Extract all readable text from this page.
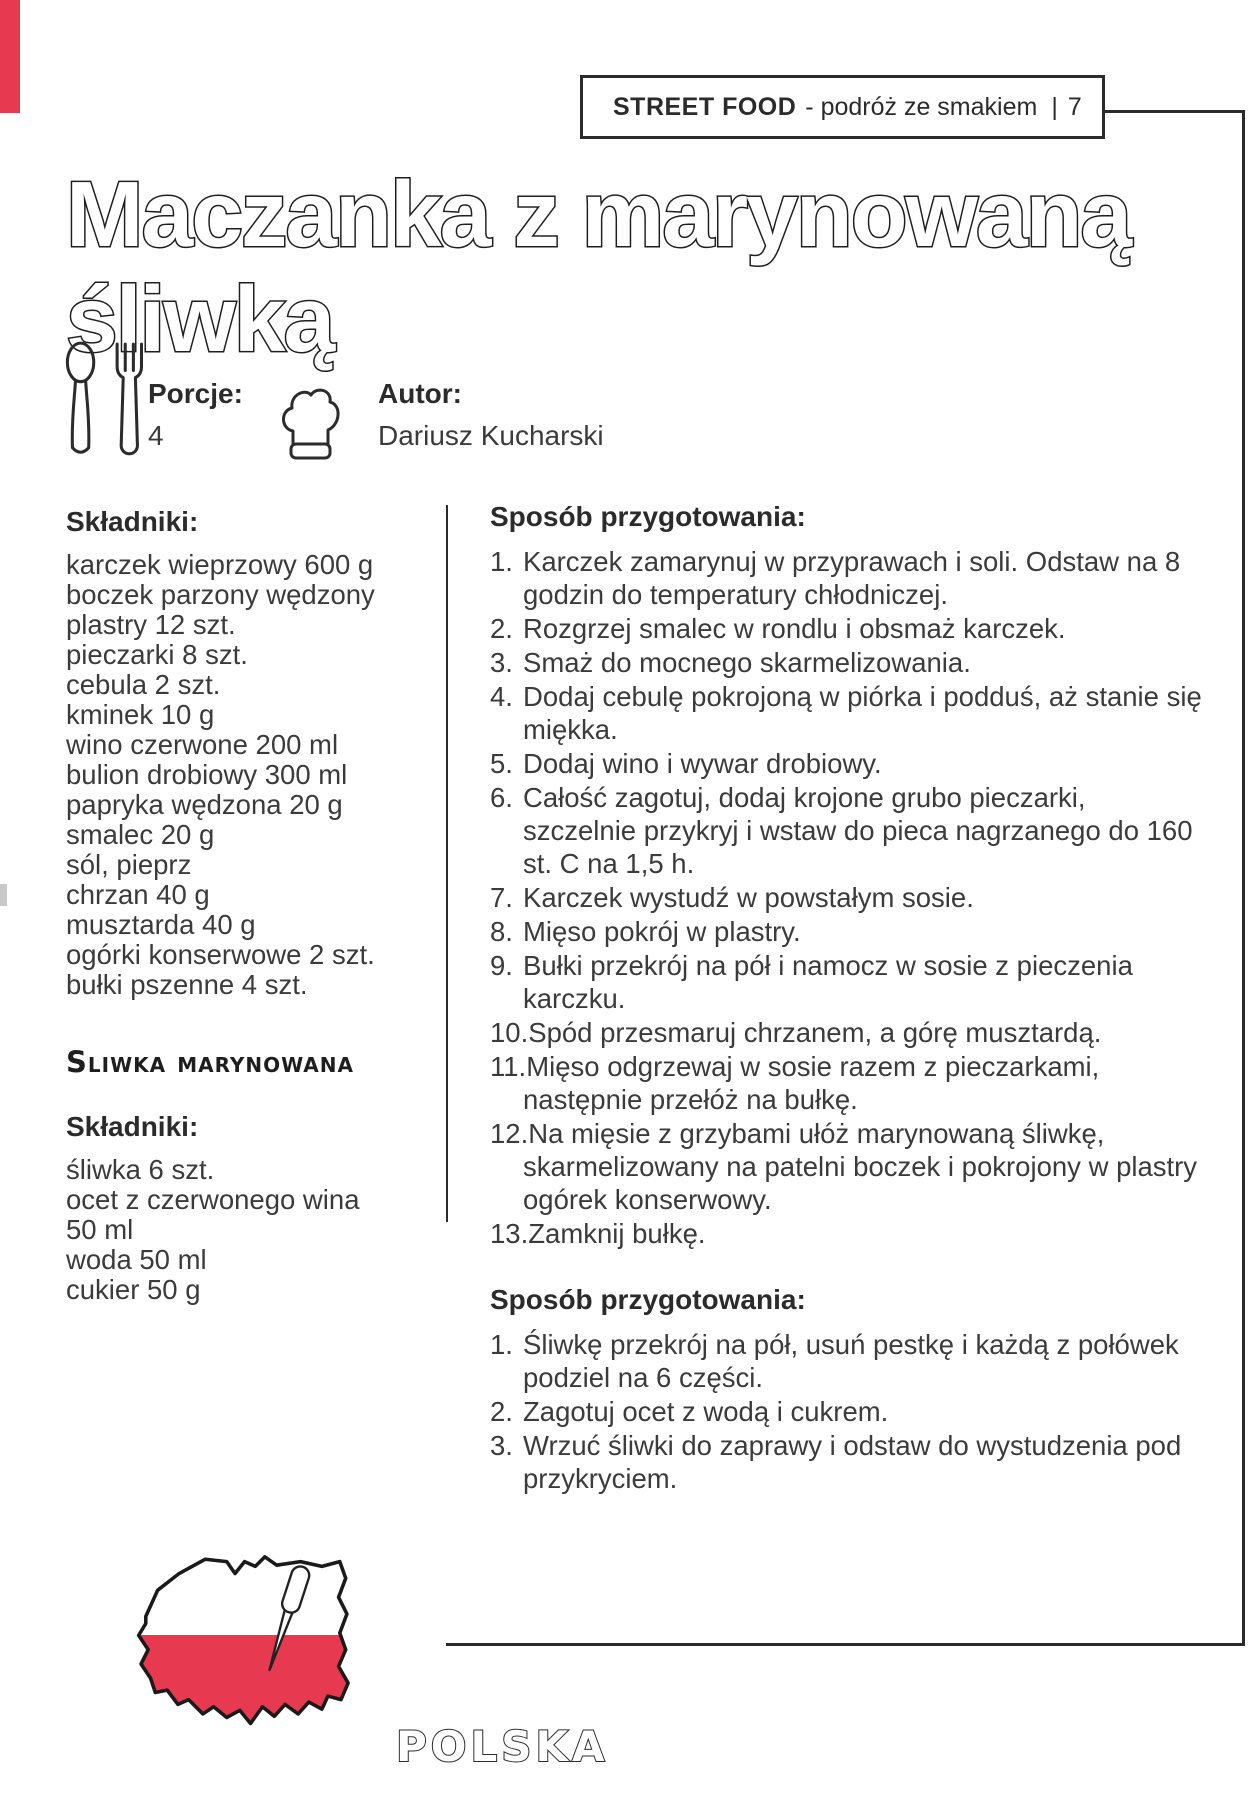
STREET FOOD - podróż ze smakiem | 7
Maczanka z marynowaną
śliwką
Porcje:
4
Autor:
Dariusz Kucharski
Składniki:
karczek wieprzowy 600 g
boczek parzony wędzony plastry 12 szt.
pieczarki 8 szt.
cebula 2 szt.
kminek 10 g
wino czerwone 200 ml
bulion drobiowy 300 ml
papryka wędzona 20 g
smalec 20 g
sól, pieprz
chrzan 40 g
musztarda 40 g
ogórki konserwowe 2 szt.
bułki pszenne 4 szt.
Sliwka marynowana
Składniki:
śliwka 6 szt.
ocet z czerwonego wina 50 ml
woda 50 ml
cukier 50 g
Sposób przygotowania:
1. Karczek zamarynuj w przyprawach i soli. Odstaw na 8 godzin do temperatury chłodniczej.
2. Rozgrzej smalec w rondlu i obsmaż karczek.
3. Smaż do mocnego skarmelizowania.
4. Dodaj cebulę pokrojoną w piórka i podduś, aż stanie się miękka.
5. Dodaj wino i wywar drobiowy.
6. Całość zagotuj, dodaj krojone grubo pieczarki, szczelnie przykryj i wstaw do pieca nagrzanego do 160 st. C na 1,5 h.
7. Karczek wystudź w powstałym sosie.
8. Mięso pokrój w plastry.
9. Bułki przekrój na pół i namocz w sosie z pieczenia karczku.
10.Spód przesmaruj chrzanem, a górę musztardą.
11.Mięso odgrzewaj w sosie razem z pieczarkami, następnie przełóż na bułkę.
12.Na mięsie z grzybami ułóż marynowaną śliwkę, skarmelizowany na patelni boczek i pokrojony w plastry ogórek konserwowy.
13.Zamknij bułkę.
Sposób przygotowania:
1. Śliwkę przekrój na pół, usuń pestkę i każdą z połówek podziel na 6 części.
2. Zagotuj ocet z wodą i cukrem.
3. Wrzuć śliwki do zaprawy i odstaw do wystudzenia pod przykryciem.
POLSKA
